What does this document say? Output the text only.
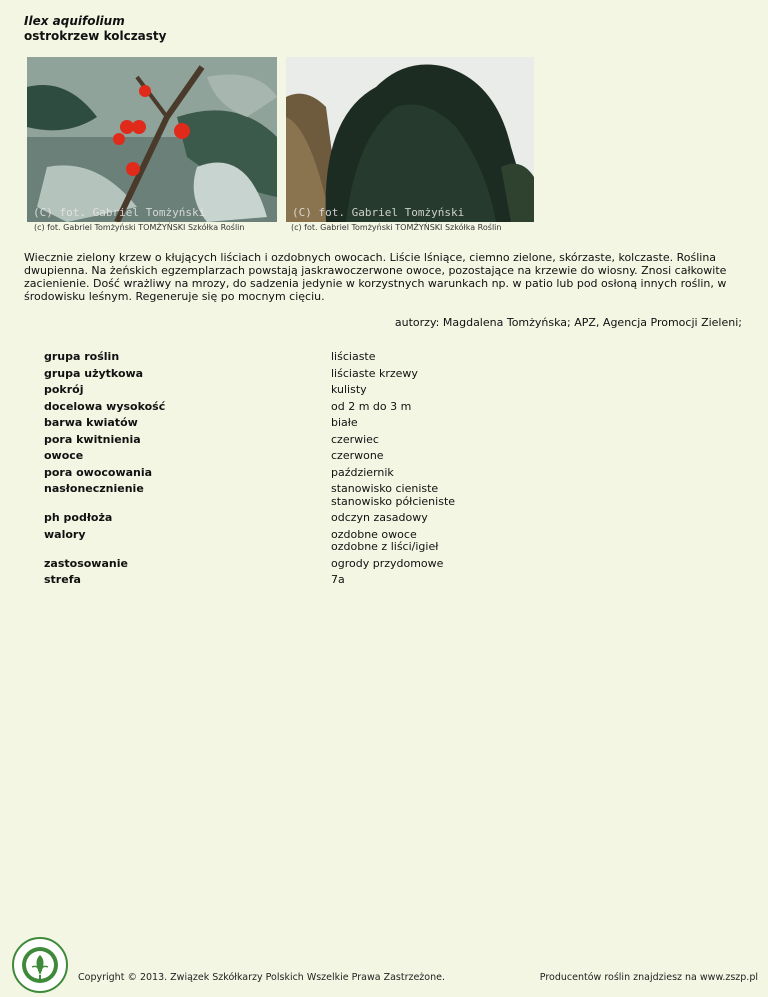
Ilex aquifolium
ostrokrzew kolczasty
(C) fot. Gabriel Tomżyński
(c) fot. Gabriel Tomżyński TOMŻYŃSKI Szkółka Roślin
(C) fot. Gabriel Tomżyński
(c) fot. Gabriel Tomżyński TOMŻYŃSKI Szkółka Roślin
Wiecznie zielony krzew o kłujących liściach i ozdobnych owocach. Liście lśniące, ciemno zielone, skórzaste, kolczaste. Roślina dwupienna. Na żeńskich egzemplarzach powstają jaskrawoczerwone owoce, pozostające na krzewie do wiosny. Znosi całkowite zacienienie. Dość wrażliwy na mrozy, do sadzenia jedynie w korzystnych warunkach np. w patio lub pod osłoną innych roślin, w środowisku leśnym. Regeneruje się po mocnym cięciu.
autorzy: Magdalena Tomżyńska; APZ, Agencja Promocji Zieleni;
grupa roślin	liściaste
grupa użytkowa	liściaste krzewy
pokrój	kulisty
docelowa wysokość	od 2 m do 3 m
barwa kwiatów	białe
pora kwitnienia	czerwiec
owoce	czerwone
pora owocowania	październik
nasłonecznienie	stanowisko cieniste
stanowisko półcieniste
ph podłoża	odczyn zasadowy
walory	ozdobne owoce
ozdobne z liści/igieł
zastosowanie	ogrody przydomowe
strefa	7a
Copyright © 2013. Związek Szkółkarzy Polskich Wszelkie Prawa Zastrzeżone.	Producentów roślin znajdziesz na www.zszp.pl
